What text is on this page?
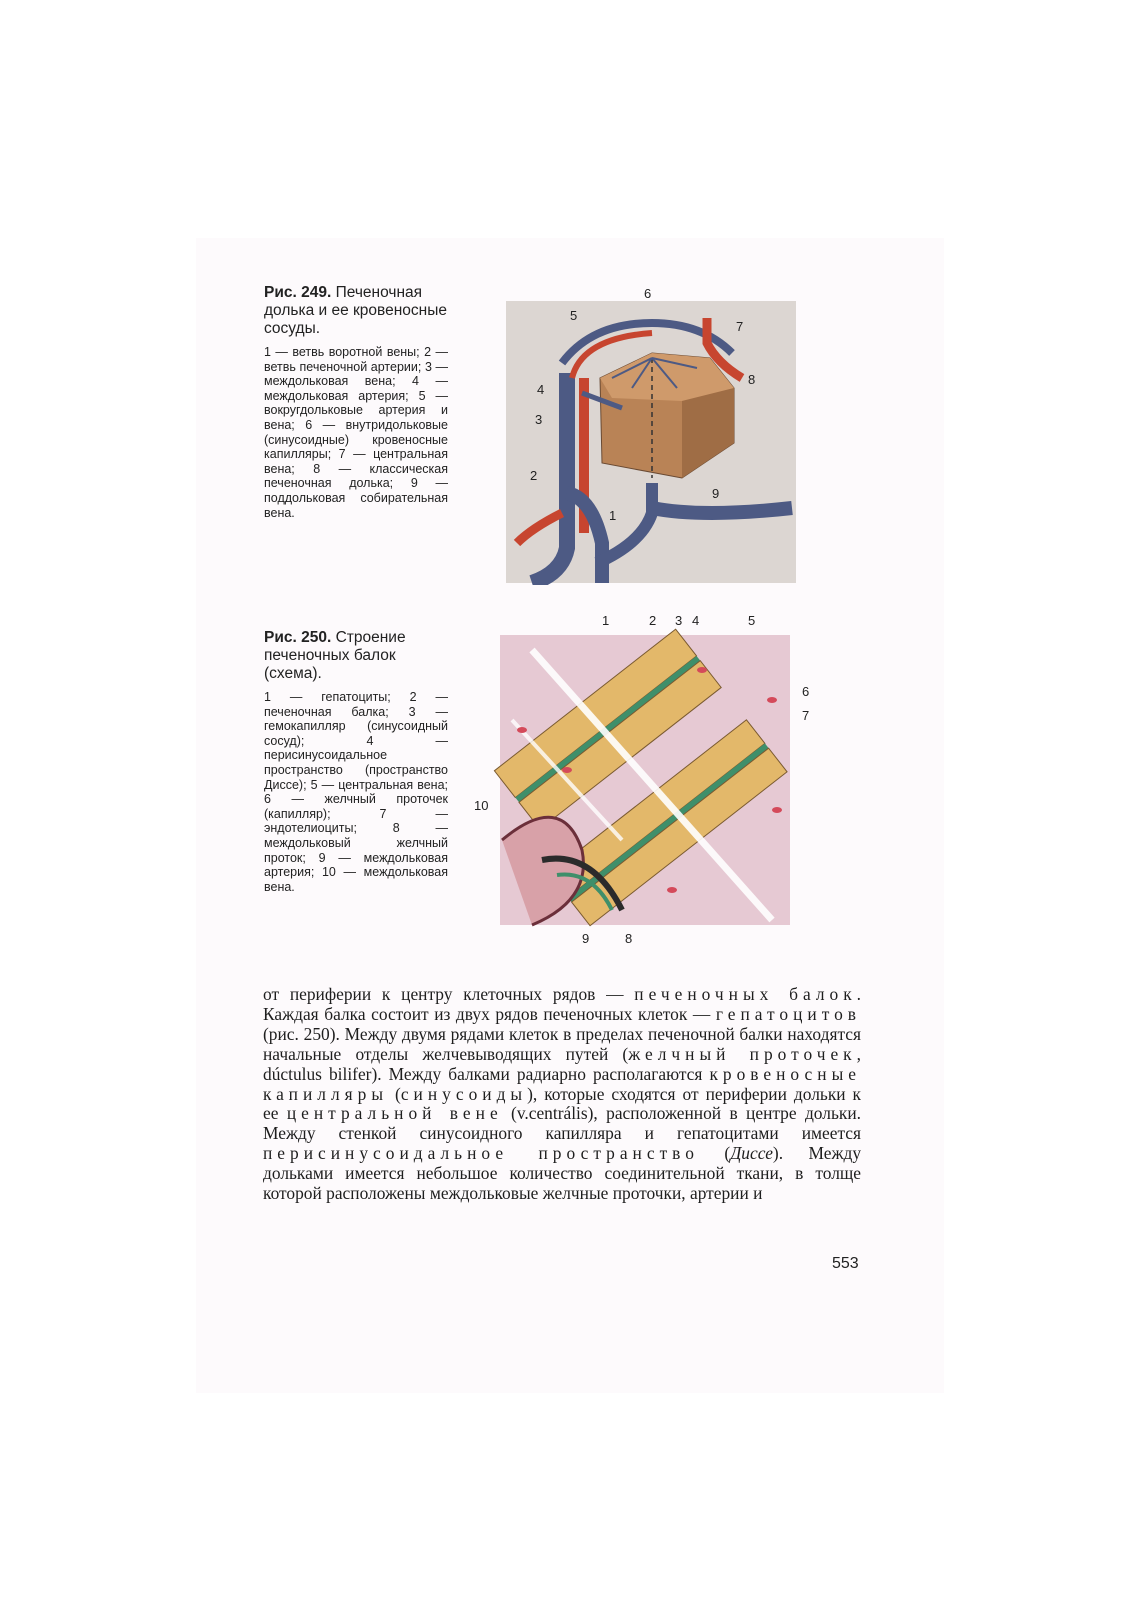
Рис. 249. Печеночная долька и ее кровеносные сосуды.
1 — ветвь воротной вены; 2 — ветвь печеночной артерии; 3 — междольковая вена; 4 — междольковая артерия; 5 — вокругдольковые артерия и вена; 6 — внутридольковые (синусоидные) кровеносные капилляры; 7 — центральная вена; 8 — классическая печеночная долька; 9 — поддольковая собирательная вена.
6
5
7
8
4
3
9
2
1
Рис. 250. Строение печеночных балок (схема).
1 — гепатоциты; 2 — печеночная балка; 3 — гемокапилляр (синусоидный сосуд); 4 — перисинусоидальное пространство (пространство Диссе); 5 — центральная вена; 6 — желчный проточек (капилляр); 7 — эндотелиоциты; 8 — междольковый желчный проток; 9 — междольковая артерия; 10 — междольковая вена.
1	2 3 4	5
6
7
10
9	8
от периферии к центру клеточных рядов — печеночных балок. Каждая балка состоит из двух рядов печеночных клеток — гепатоцитов (рис. 250). Между двумя рядами клеток в пределах печеночной балки находятся начальные отделы желчевыводящих путей (желчный проточек, dúctulus bilifer). Между балками радиарно располагаются кровеносные капилляры (синусоиды), которые сходятся от периферии дольки к ее центральной вене (v.centrális), расположенной в центре дольки. Между стенкой синусоидного капилляра и гепатоцитами имеется перисинусоидальное пространство (Диссе). Между дольками имеется небольшое количество соединительной ткани, в толще которой расположены междольковые желчные проточки, артерии и
553
